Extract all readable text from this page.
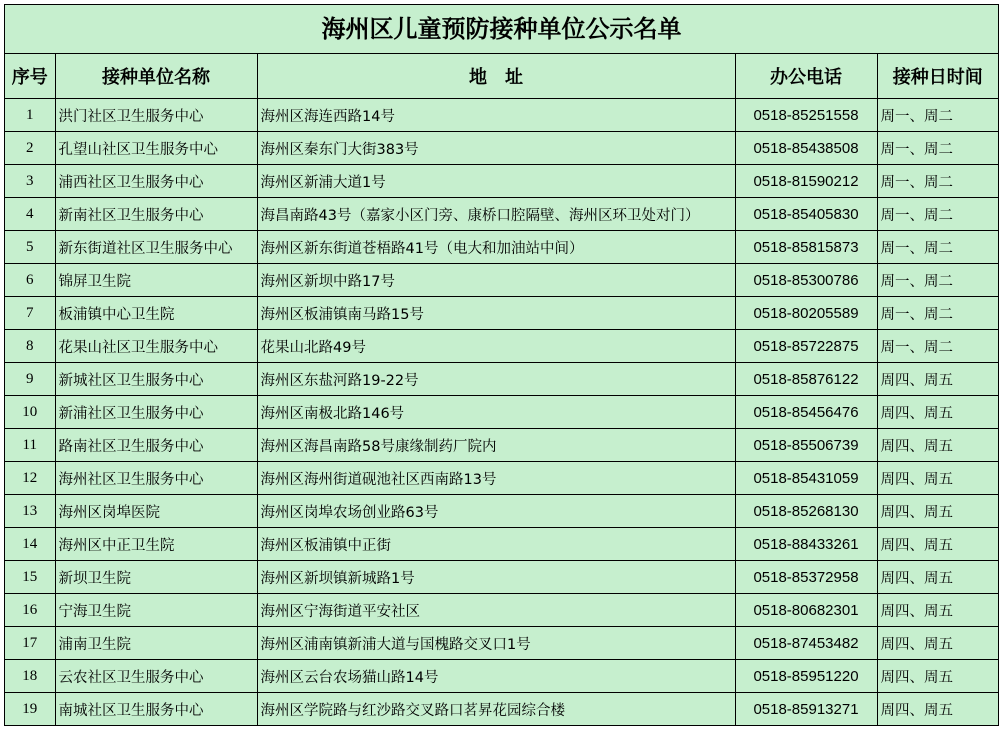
海州区儿童预防接种单位公示名单
序号	接种单位名称	地　址	办公电话	接种日时间
1	洪门社区卫生服务中心	海州区海连西路14号	0518-85251558	周一、周二
2	孔望山社区卫生服务中心	海州区秦东门大街383号	0518-85438508	周一、周二
3	浦西社区卫生服务中心	海州区新浦大道1号	0518-81590212	周一、周二
4	新南社区卫生服务中心	海昌南路43号（嘉家小区门旁、康桥口腔隔壁、海州区环卫处对门）	0518-85405830	周一、周二
5	新东街道社区卫生服务中心	海州区新东街道苍梧路41号（电大和加油站中间）	0518-85815873	周一、周二
6	锦屏卫生院	海州区新坝中路17号	0518-85300786	周一、周二
7	板浦镇中心卫生院	海州区板浦镇南马路15号	0518-80205589	周一、周二
8	花果山社区卫生服务中心	花果山北路49号	0518-85722875	周一、周二
9	新城社区卫生服务中心	海州区东盐河路19-22号	0518-85876122	周四、周五
10	新浦社区卫生服务中心	海州区南极北路146号	0518-85456476	周四、周五
11	路南社区卫生服务中心	海州区海昌南路58号康缘制药厂院内	0518-85506739	周四、周五
12	海州社区卫生服务中心	海州区海州街道砚池社区西南路13号	0518-85431059	周四、周五
13	海州区岗埠医院	海州区岗埠农场创业路63号	0518-85268130	周四、周五
14	海州区中正卫生院	海州区板浦镇中正街	0518-88433261	周四、周五
15	新坝卫生院	海州区新坝镇新城路1号	0518-85372958	周四、周五
16	宁海卫生院	海州区宁海街道平安社区	0518-80682301	周四、周五
17	浦南卫生院	海州区浦南镇新浦大道与国槐路交叉口1号	0518-87453482	周四、周五
18	云农社区卫生服务中心	海州区云台农场猫山路14号	0518-85951220	周四、周五
19	南城社区卫生服务中心	海州区学院路与红沙路交叉路口茗昇花园综合楼	0518-85913271	周四、周五
